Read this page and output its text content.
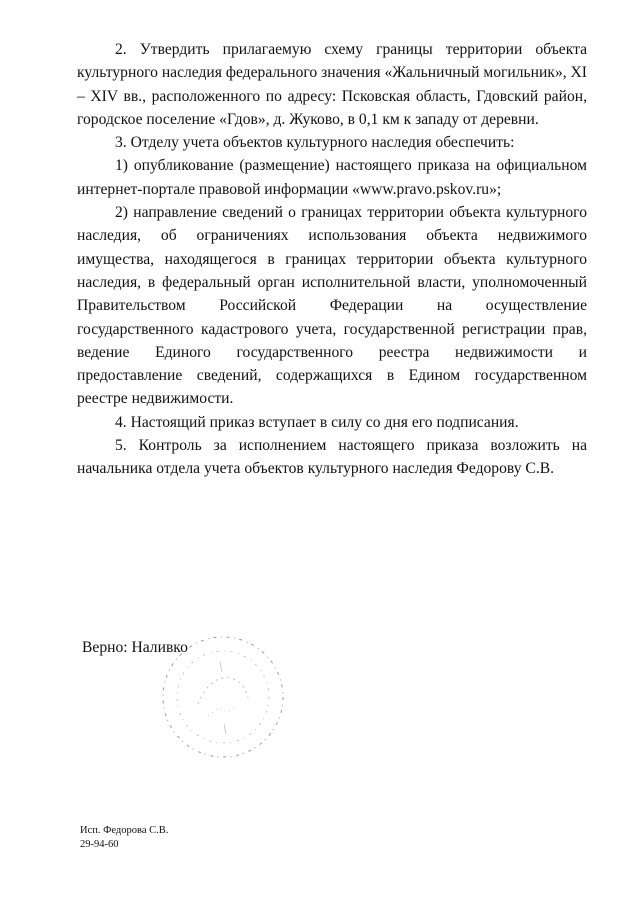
2. Утвердить прилагаемую схему границы территории объекта культурного наследия федерального значения «Жальничный могильник», XI – XIV вв., расположенного по адресу: Псковская область, Гдовский район, городское поселение «Гдов», д. Жуково, в 0,1 км к западу от деревни.

3. Отделу учета объектов культурного наследия обеспечить:

1) опубликование (размещение) настоящего приказа на официальном интернет-портале правовой информации «www.pravo.pskov.ru»;

2) направление сведений о границах территории объекта культурного наследия, об ограничениях использования объекта недвижимого имущества, находящегося в границах территории объекта культурного наследия, в федеральный орган исполнительной власти, уполномоченный Правительством Российской Федерации на осуществление государственного кадастрового учета, государственной регистрации прав, ведение Единого государственного реестра недвижимости и предоставление сведений, содержащихся в Едином государственном реестре недвижимости.

4. Настоящий приказ вступает в силу со дня его подписания.

5. Контроль за исполнением настоящего приказа возложить на начальника отдела учета объектов культурного наследия Федорову С.В.

Верно: Наливко
Исп. Федорова С.В.
29-94-60
